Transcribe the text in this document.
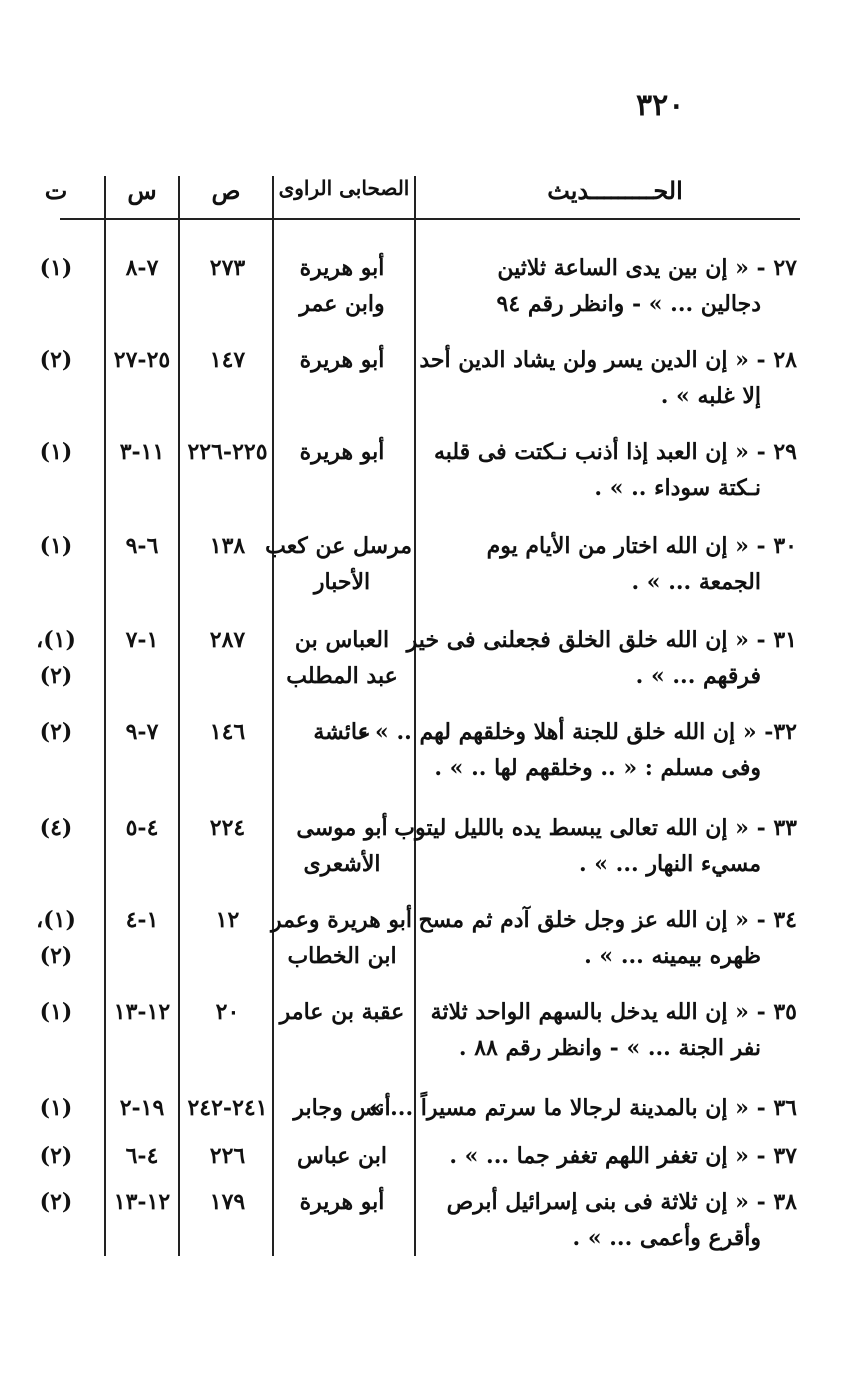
٣٢٠
الحـــــــــديث
الصحابى الراوى
ص
س
ت
٢٧ - « إن بين يدى الساعة ثلاثين
دجالين ... » - وانظر رقم ٩٤
أبو هريرة
وابن عمر
٢٧٣
٧-٨
(١)
٢٨ - « إن الدين يسر ولن يشاد الدين أحد
إلا غلبه » .
أبو هريرة
١٤٧
٢٥-٢٧
(٢)
٢٩ - « إن العبد إذا أذنب نـكتت فى قلبه
نـكتة سوداء .. » .
أبو هريرة
٢٢٥-٢٢٦
١١-٣
(١)
٣٠ - « إن الله اختار من الأيام يوم
الجمعة ... » .
مرسل عن كعب
الأحبار
١٣٨
٦-٩
(١)
٣١ - « إن الله خلق الخلق فجعلنى فى خير
فرقهم ... » .
العباس بن
عبد المطلب
٢٨٧
١-٧
(١)،
(٢)
٣٢- « إن الله خلق للجنة أهلا وخلقهم لهم .. » -
وفى مسلم : « .. وخلقهم لها .. » .
عائشة
١٤٦
٧-٩
(٢)
٣٣ - « إن الله تعالى يبسط يده بالليل ليتوب
مسيء النهار ... » .
أبو موسى
الأشعرى
٢٢٤
٤-٥
(٤)
٣٤ - « إن الله عز وجل خلق آدم ثم مسح
ظهره بيمينه ... » .
أبو هريرة وعمر
ابن الخطاب
١٢
١-٤
(١)،
(٢)
٣٥ - « إن الله يدخل بالسهم الواحد ثلاثة
نفر الجنة ... » - وانظر رقم ٨٨ .
عقبة بن عامر
٢٠
١٢-١٣
(١)
٣٦ - « إن بالمدينة لرجالا ما سرتم مسيراً ... »
أنس وجابر
٢٤١-٢٤٢
١٩-٢
(١)
٣٧ - « إن تغفر اللهم تغفر جما ... » .
ابن عباس
٢٢٦
٤-٦
(٢)
٣٨ - « إن ثلاثة فى بنى إسرائيل أبرص
وأقرع وأعمى ... » .
أبو هريرة
١٧٩
١٢-١٣
(٢)
